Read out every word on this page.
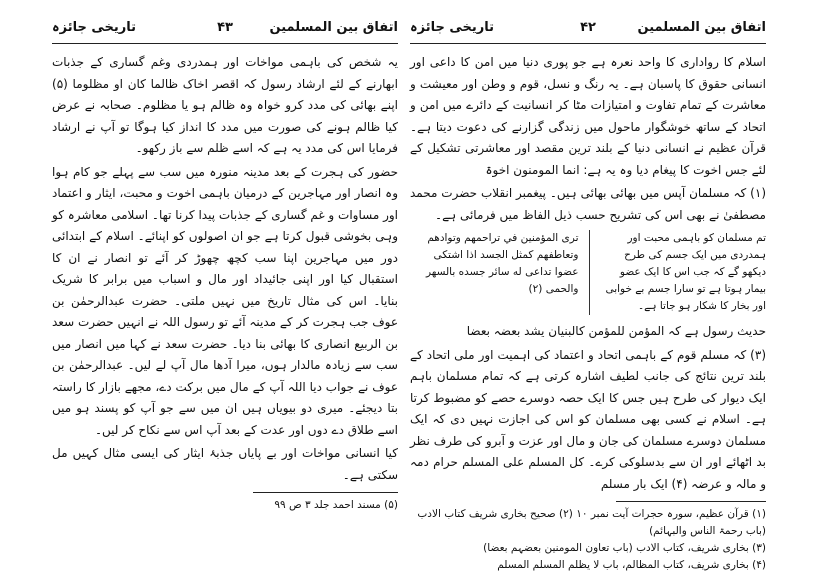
اتفاق بین المسلمین
۴۳
تاریخی جائزہ

یہ شخص کی باہمی مواخات اور ہمدردی وغم گساری کے جذبات ابھارنے کے لئے ارشاد رسول کہ اقصر اخاک ظالما کان او مظلوما (۵) اپنے بھائی کی مدد کرو خواہ وہ ظالم ہو یا مظلوم۔ صحابہ نے عرض کیا ظالم ہونے کی صورت میں مدد کا انداز کیا ہوگا تو آپ نے ارشاد فرمایا اس کی مدد یہ ہے کہ اسے ظلم سے باز رکھو۔

حضور کی ہجرت کے بعد مدینہ منورہ میں سب سے پہلے جو کام ہوا وہ انصار اور مہاجرین کے درمیان باہمی اخوت و محبت، ایثار و اعتماد اور مساوات و غم گساری کے جذبات پیدا کرنا تھا۔ اسلامی معاشرہ کو وہی بخوشی قبول کرتا ہے جو ان اصولوں کو اپنائے۔ اسلام کے ابتدائی دور میں مہاجرین اپنا سب کچھ چھوڑ کر آئے تو انصار نے ان کا استقبال کیا اور اپنی جائیداد اور مال و اسباب میں برابر کا شریک بنایا۔ اس کی مثال تاریخ میں نہیں ملتی۔ حضرت عبدالرحمٰن بن عوف جب ہجرت کر کے مدینہ آئے تو رسول اللہ نے انہیں حضرت سعد بن الربیع انصاری کا بھائی بنا دیا۔ حضرت سعد نے کہا میں انصار میں سب سے زیادہ مالدار ہوں، میرا آدھا مال آپ لے لیں۔ عبدالرحمٰن بن عوف نے جواب دیا اللہ آپ کے مال میں برکت دے، مجھے بازار کا راستہ بتا دیجئے۔ میری دو بیویاں ہیں ان میں سے جو آپ کو پسند ہو میں اسے طلاق دے دوں اور عدت کے بعد آپ اس سے نکاح کر لیں۔

کیا انسانی مواخات اور بے پایاں جذبۂ ایثار کی ایسی مثال کہیں مل سکتی ہے۔

(۵) مسند احمد جلد ۳ ص ۹۹
اتفاق بین المسلمین
۴۲
تاریخی جائزہ

اسلام کا رواداری کا واحد نعرہ ہے جو پوری دنیا میں امن کا داعی اور انسانی حقوق کا پاسبان ہے۔ یہ رنگ و نسل، قوم و وطن اور معیشت و معاشرت کے تمام تفاوت و امتیازات مٹا کر انسانیت کے دائرے میں امن و اتحاد کے ساتھ خوشگوار ماحول میں زندگی گزارنے کی دعوت دیتا ہے۔ قرآن عظیم نے انسانی دنیا کے بلند ترین مقصد اور معاشرتی تشکیل کے لئے جس اخوت کا پیغام دیا وہ یہ ہے: انما المومنون اخوۃ

(۱) کہ مسلمان آپس میں بھائی بھائی ہیں۔ پیغمبر انقلاب حضرت محمد مصطفیٰ نے بھی اس کی تشریح حسب ذیل الفاظ میں فرمائی ہے۔

تم مسلمان کو باہمی محبت اور ہمدردی میں ایک جسم کی طرح دیکھو گے کہ جب اس کا ایک عضو بیمار ہوتا ہے تو سارا جسم بے خوابی اور بخار کا شکار ہو جاتا ہے۔
ترى المؤمنين في تراحمهم وتوادهم وتعاطفهم كمثل الجسد اذا اشتكى عضوا تداعى له سائر جسده بالسهر والحمى (۲)

حدیث رسول ہے کہ المؤمن للمؤمن کالبنیان یشد بعضہ بعضا

(۳) کہ مسلم قوم کے باہمی اتحاد و اعتماد کی اہمیت اور ملی اتحاد کے بلند ترین نتائج کی جانب لطیف اشارہ کرتی ہے کہ تمام مسلمان باہم ایک دیوار کی طرح ہیں جس کا ایک حصہ دوسرے حصے کو مضبوط کرتا ہے۔ اسلام نے کسی بھی مسلمان کو اس کی اجازت نہیں دی کہ ایک مسلمان دوسرے مسلمان کی جان و مال اور عزت و آبرو کی طرف نظر بد اٹھائے اور ان سے بدسلوکی کرے۔ کل المسلم علی المسلم حرام دمہ و مالہ و عرضہ (۴) ایک بار مسلم

(۱) قرآن عظیم، سورہ حجرات آیت نمبر ۱۰ (۲) صحیح بخاری شریف کتاب الادب (باب رحمۃ الناس والبہائم)
(۳) بخاری شریف، کتاب الادب (باب تعاون المومنین بعضہم بعضا)
(۴) بخاری شریف، کتاب المظالم، باب لا یظلم المسلم المسلم
